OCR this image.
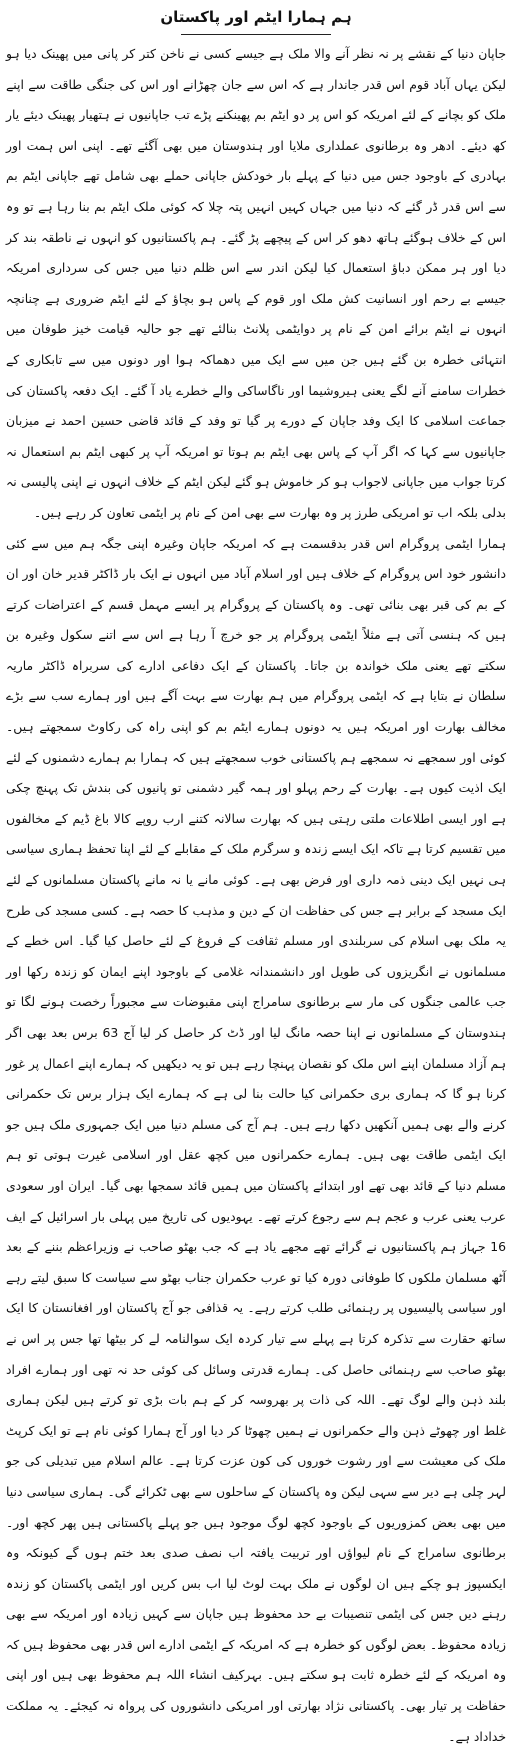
ہم ہمارا ایٹم اور پاکستان

جاپان دنیا کے نقشے پر نہ نظر آنے والا ملک ہے جیسے کسی نے ناخن کتر کر پانی میں پھینک دیا ہو لیکن یہاں آباد قوم اس قدر جاندار ہے کہ اس سے جان چھڑانے اور اس کی جنگی طاقت سے اپنے ملک کو بچانے کے لئے امریکہ کو اس پر دو ایٹم بم پھینکنے پڑے تب جاپانیوں نے ہتھیار پھینک دیئے یار کھ دیئے۔ ادھر وہ برطانوی عملداری ملایا اور ہندوستان میں بھی آگئے تھے۔ اپنی اس ہمت اور بہادری کے باوجود جس میں دنیا کے پہلے بار خودکش جاپانی حملے بھی شامل تھے جاپانی ایٹم بم سے اس قدر ڈر گئے کہ دنیا میں جہاں کہیں انہیں پتہ چلا کہ کوئی ملک ایٹم بم بنا رہا ہے تو وہ اس کے خلاف ہوگئے ہاتھ دھو کر اس کے پیچھے پڑ گئے۔ ہم پاکستانیوں کو انہوں نے ناطقہ بند کر دیا اور ہر ممکن دباؤ استعمال کیا لیکن اندر سے اس ظلم دنیا میں جس کی سرداری امریکہ جیسے بے رحم اور انسانیت کش ملک اور قوم کے پاس ہو بچاؤ کے لئے ایٹم ضروری ہے چنانچہ انہوں نے ایٹم برائے امن کے نام پر دوایٹمی پلانٹ بنالئے تھے جو حالیہ قیامت خیز طوفان میں انتہائی خطرہ بن گئے ہیں جن میں سے ایک میں دھماکہ ہوا اور دونوں میں سے تابکاری کے خطرات سامنے آنے لگے یعنی ہیروشیما اور ناگاساکی والے خطرے یاد آ گئے۔ ایک دفعہ پاکستان کی جماعت اسلامی کا ایک وفد جاپان کے دورے پر گیا تو وفد کے قائد قاضی حسین احمد نے میزبان جاپانیوں سے کہا کہ اگر آپ کے پاس بھی ایٹم بم ہوتا تو امریکہ آپ پر کبھی ایٹم بم استعمال نہ کرتا جواب میں جاپانی لاجواب ہو کر خاموش ہو گئے لیکن ایٹم کے خلاف انہوں نے اپنی پالیسی نہ بدلی بلکہ اب تو امریکی طرز پر وہ بھارت سے بھی امن کے نام پر ایٹمی تعاون کر رہے ہیں۔

ہمارا ایٹمی پروگرام اس قدر بدقسمت ہے کہ امریکہ جاپان وغیرہ اپنی جگہ ہم میں سے کئی دانشور خود اس پروگرام کے خلاف ہیں اور اسلام آباد میں انہوں نے ایک بار ڈاکٹر قدیر خان اور ان کے بم کی قبر بھی بنائی تھی۔ وہ پاکستان کے پروگرام پر ایسے مہمل قسم کے اعتراضات کرتے ہیں کہ ہنسی آتی ہے مثلاً ایٹمی پروگرام پر جو خرچ آ رہا ہے اس سے اتنے سکول وغیرہ بن سکتے تھے یعنی ملک خواندہ بن جاتا۔ پاکستان کے ایک دفاعی ادارے کی سربراہ ڈاکٹر ماریہ سلطان نے بتایا ہے کہ ایٹمی پروگرام میں ہم بھارت سے بہت آگے ہیں اور ہمارے سب سے بڑے مخالف بھارت اور امریکہ ہیں یہ دونوں ہمارے ایٹم بم کو اپنی راہ کی رکاوٹ سمجھتے ہیں۔ کوئی اور سمجھے نہ سمجھے ہم پاکستانی خوب سمجھتے ہیں کہ ہمارا بم ہمارے دشمنوں کے لئے ایک اذیت کیوں ہے۔ بھارت کے رحم پہلو اور ہمہ گیر دشمنی تو پانیوں کی بندش تک پہنچ چکی ہے اور ایسی اطلاعات ملتی رہتی ہیں کہ بھارت سالانہ کتنے ارب روپے کالا باغ ڈیم کے مخالفوں میں تقسیم کرتا ہے تاکہ ایک ایسے زندہ و سرگرم ملک کے مقابلے کے لئے اپنا تحفظ ہماری سیاسی ہی نہیں ایک دینی ذمہ داری اور فرض بھی ہے۔ کوئی مانے یا نہ مانے پاکستان مسلمانوں کے لئے ایک مسجد کے برابر ہے جس کی حفاظت ان کے دین و مذہب کا حصہ ہے۔ کسی مسجد کی طرح یہ ملک بھی اسلام کی سربلندی اور مسلم ثقافت کے فروغ کے لئے حاصل کیا گیا۔ اس خطے کے مسلمانوں نے انگریزوں کی طویل اور دانشمندانہ غلامی کے باوجود اپنے ایمان کو زندہ رکھا اور جب عالمی جنگوں کی مار سے برطانوی سامراج اپنی مقبوضات سے مجبوراً رخصت ہونے لگا تو ہندوستان کے مسلمانوں نے اپنا حصہ مانگ لیا اور ڈٹ کر حاصل کر لیا آج 63 برس بعد بھی اگر ہم آزاد مسلمان اپنے اس ملک کو نقصان پہنچا رہے ہیں تو یہ دیکھیں کہ ہمارے اپنے اعمال پر غور کرنا ہو گا کہ ہماری بری حکمرانی کیا حالت بنا لی ہے کہ ہمارے ایک ہزار برس تک حکمرانی کرنے والے بھی ہمیں آنکھیں دکھا رہے ہیں۔ ہم آج کی مسلم دنیا میں ایک جمہوری ملک ہیں جو ایک ایٹمی طاقت بھی ہیں۔ ہمارے حکمرانوں میں کچھ عقل اور اسلامی غیرت ہوتی تو ہم مسلم دنیا کے قائد بھی تھے اور ابتدائے پاکستان میں ہمیں قائد سمجھا بھی گیا۔ ایران اور سعودی عرب یعنی عرب و عجم ہم سے رجوع کرتے تھے۔ یہودیوں کی تاریخ میں پہلی بار اسرائیل کے ایف 16 جہاز ہم پاکستانیوں نے گرائے تھے مجھے یاد ہے کہ جب بھٹو صاحب نے وزیراعظم بننے کے بعد آٹھ مسلمان ملکوں کا طوفانی دورہ کیا تو عرب حکمران جناب بھٹو سے سیاست کا سبق لیتے رہے اور سیاسی پالیسیوں پر رہنمائی طلب کرتے رہے۔ یہ قذافی جو آج پاکستان اور افغانستان کا ایک ساتھ حقارت سے تذکرہ کرتا ہے پہلے سے تیار کردہ ایک سوالنامہ لے کر بیٹھا تھا جس پر اس نے بھٹو صاحب سے رہنمائی حاصل کی۔ ہمارے قدرتی وسائل کی کوئی حد نہ تھی اور ہمارے افراد بلند ذہن والے لوگ تھے۔ اللہ کی ذات پر بھروسہ کر کے ہم بات بڑی تو کرتے ہیں لیکن ہماری غلط اور چھوٹے ذہن والے حکمرانوں نے ہمیں چھوٹا کر دیا اور آج ہمارا کوئی نام ہے تو ایک کرپٹ ملک کی معیشت سے اور رشوت خوروں کی کون عزت کرتا ہے۔ عالم اسلام میں تبدیلی کی جو لہر چلی ہے دیر سے سہی لیکن وہ پاکستان کے ساحلوں سے بھی ٹکرائے گی۔ ہماری سیاسی دنیا میں بھی بعض کمزوریوں کے باوجود کچھ لوگ موجود ہیں جو پہلے پاکستانی ہیں پھر کچھ اور۔ برطانوی سامراج کے نام لیواؤں اور تربیت یافتہ اب نصف صدی بعد ختم ہوں گے کیونکہ وہ ایکسپوز ہو چکے ہیں ان لوگوں نے ملک بہت لوٹ لیا اب بس کریں اور ایٹمی پاکستان کو زندہ رہنے دیں جس کی ایٹمی تنصیبات بے حد محفوظ ہیں جاپان سے کہیں زیادہ اور امریکہ سے بھی زیادہ محفوظ۔ بعض لوگوں کو خطرہ ہے کہ امریکہ کے ایٹمی ادارے اس قدر بھی محفوظ ہیں کہ وہ امریکہ کے لئے خطرہ ثابت ہو سکتے ہیں۔ بہرکیف انشاء اللہ ہم محفوظ بھی ہیں اور اپنی حفاظت پر تیار بھی۔ پاکستانی نژاد بھارتی اور امریکی دانشوروں کی پرواہ نہ کیجئے۔ یہ مملکت خداداد ہے۔
